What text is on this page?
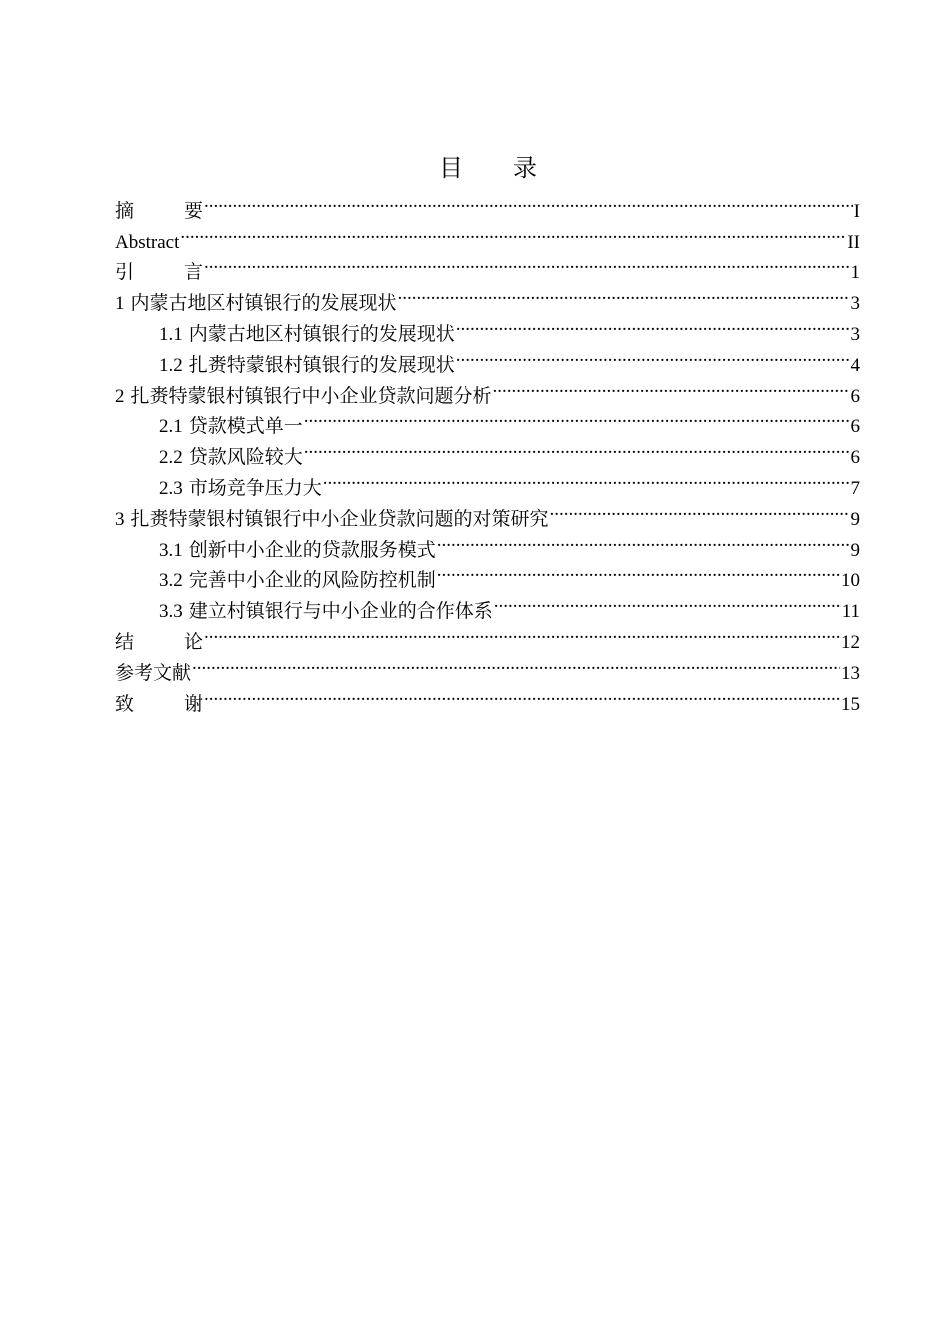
目 录
摘	要 .....	I
Abstract .....	II
引	言 .....	1
1 内蒙古地区村镇银行的发展现状 .....	3
1.1 内蒙古地区村镇银行的发展现状 .....	3
1.2 扎赉特蒙银村镇银行的发展现状 .....	4
2 扎赉特蒙银村镇银行中小企业贷款问题分析 .....	6
2.1 贷款模式单一 .....	6
2.2 贷款风险较大 .....	6
2.3 市场竞争压力大 .....	7
3 扎赉特蒙银村镇银行中小企业贷款问题的对策研究 .....	9
3.1 创新中小企业的贷款服务模式 .....	9
3.2 完善中小企业的风险防控机制 .....	10
3.3 建立村镇银行与中小企业的合作体系 .....	11
结	论 .....	12
参考文献 .....	13
致	谢 .....	15
